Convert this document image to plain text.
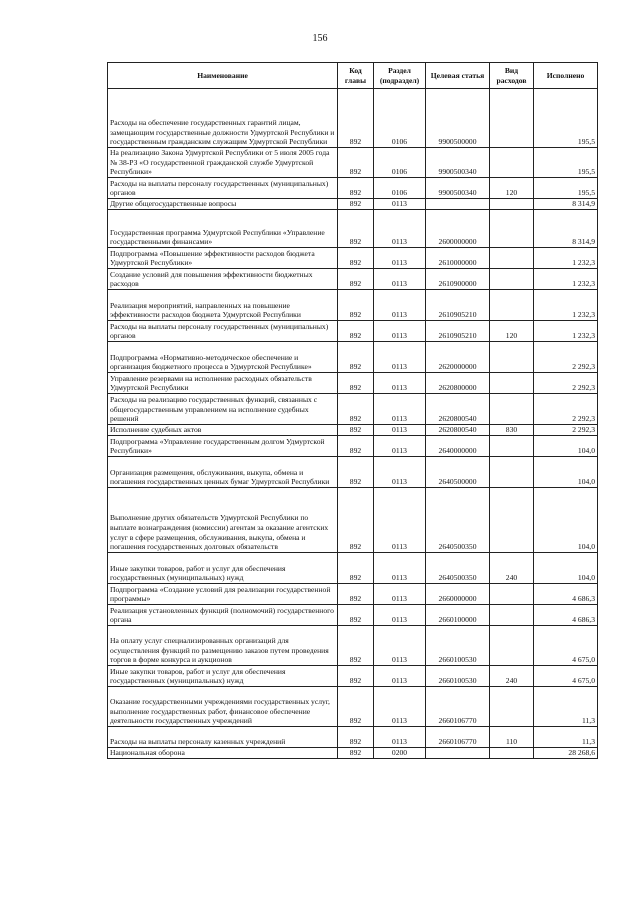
156
Наименование	Код главы	Раздел (подраздел)	Целевая статья	Вид расходов	Исполнено
Расходы на обеспечение государственных гарантий лицам, замещающим государственные должности Удмуртской Республики и государственным гражданским служащим Удмуртской Республики	892	0106	9900500000		195,5
На реализацию Закона Удмуртской Республики от 5 июля 2005 года № 38-РЗ «О государственной гражданской службе Удмуртской Республики»	892	0106	9900500340		195,5
Расходы на выплаты персоналу государственных (муниципальных) органов	892	0106	9900500340	120	195,5
Другие общегосударственные вопросы	892	0113			8 314,9
Государственная программа Удмуртской Республики «Управление государственными финансами»	892	0113	2600000000		8 314,9
Подпрограмма «Повышение эффективности расходов бюджета Удмуртской Республики»	892	0113	2610000000		1 232,3
Создание условий для повышения эффективности бюджетных расходов	892	0113	2610900000		1 232,3
Реализация мероприятий, направленных на повышение эффективности расходов бюджета Удмуртской Республики	892	0113	2610905210		1 232,3
Расходы на выплаты персоналу государственных (муниципальных) органов	892	0113	2610905210	120	1 232,3
Подпрограмма «Нормативно-методическое обеспечение и организация бюджетного процесса в Удмуртской Республике»	892	0113	2620000000		2 292,3
Управление резервами на исполнение расходных обязательств Удмуртской Республики	892	0113	2620800000		2 292,3
Расходы на реализацию государственных функций, связанных с общегосударственным управлением на исполнение судебных решений	892	0113	2620800540		2 292,3
Исполнение судебных актов	892	0113	2620800540	830	2 292,3
Подпрограмма «Управление государственным долгом Удмуртской Республики»	892	0113	2640000000		104,0
Организация размещения, обслуживания, выкупа, обмена и погашения государственных ценных бумаг Удмуртской Республики	892	0113	2640500000		104,0
Выполнение других обязательств Удмуртской Республики по выплате вознаграждения (комиссии) агентам за оказание агентских услуг в сфере размещения, обслуживания, выкупа, обмена и погашения государственных долговых обязательств	892	0113	2640500350		104,0
Иные закупки товаров, работ и услуг для обеспечения государственных (муниципальных) нужд	892	0113	2640500350	240	104,0
Подпрограмма «Создание условий для реализации государственной программы»	892	0113	2660000000		4 686,3
Реализация установленных функций (полномочий) государственного органа	892	0113	2660100000		4 686,3
На оплату услуг специализированных организаций для осуществления функций по размещению заказов путем проведения торгов в форме конкурса и аукционов	892	0113	2660100530		4 675,0
Иные закупки товаров, работ и услуг для обеспечения государственных (муниципальных) нужд	892	0113	2660100530	240	4 675,0
Оказание государственными учреждениями государственных услуг, выполнение государственных работ, финансовое обеспечение деятельности государственных учреждений	892	0113	2660106770		11,3
Расходы на выплаты персоналу казенных учреждений	892	0113	2660106770	110	11,3
Национальная оборона	892	0200			28 268,6
